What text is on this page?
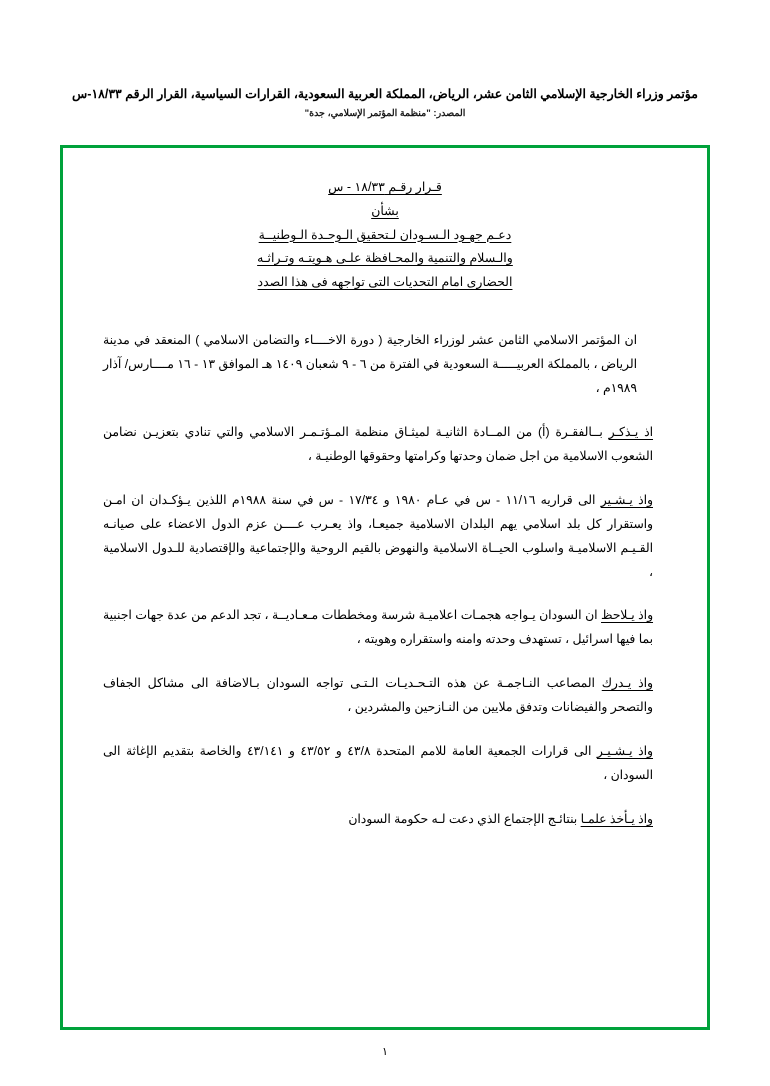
مؤتمر وزراء الخارجية الإسلامي الثامن عشر، الرياض، المملكة العربية السعودية، القرارات السياسية، القرار الرقم ١٨/٣٣-س
المصدر: "منظمة المؤتمر الإسلامي، جدة"
قـرار رقـم ١٨/٣٣ - س
بشأن
دعـم جهـود الـسـودان لـتحقيق الـوحـدة الـوطنيــة
والـسلام والتنمية والمحـافظة علـى هـويتـه وتـراثـه
الحضارى امام التحديات التى تواجهه فى هذا الصدد
ان المؤتمر الاسلامي الثامن عشر لوزراء الخارجية ( دورة الاخــــاء والتضامن الاسلامي ) المنعقد في مدينة الرياض ، بالمملكة العربيـــــة السعودية في الفترة من ٦ - ٩ شعبان ١٤٠٩ هـ الموافق ١٣ - ١٦ مــــارس/ آذار ١٩٨٩م ،
اذ يـذكـر بــالفقـرة (أ) من المــادة الثانيـة لميثـاق منظمة المـؤتـمـر الاسلامي والتي تنادي بتعزيـن نضامن الشعوب الاسلامية من اجل ضمان وحدتها وكرامتها وحقوقها الوطنيـة ،
واذ يـشـير الى قراريه ١١/١٦ - س في عـام ١٩٨٠ و ١٧/٣٤ - س في سنة ١٩٨٨م اللذين يـؤكـدان ان امـن واستقرار كل بلد اسلامي يهم البلدان الاسلامية جميعـا، واذ يعـرب عــــن عزم الدول الاعضاء على صيانـه القـيـم الاسلاميـة واسلوب الحيــاة الاسلامية والنهوض بالقيم الروحية والإجتماعية والإقتصادية للـدول الاسلامية ،
واذ يـلاحظ ان السودان يـواجه هجمـات اعلاميـة شرسة ومخططات مـعـاديــة ، تجد الدعم من عدة جهات اجنبية بما فيها اسرائيل ، تستهدف وحدته وامنه واستقراره وهويته ،
واذ يـدرك المصاعب النـاجمـة عن هذه التـحـديـات الـتـى تواجه السودان بـالاضافة الى مشاكل الجفاف والتصحر والفيضانات وتدفق ملايين من النـازحين والمشردين ،
واذ يـشـيـر الى قرارات الجمعية العامة للامم المتحدة ٤٣/٨ و ٤٣/٥٢ و ٤٣/١٤١ والخاصة بتقديم الإغاثة الى السودان ،
واذ يـأخذ علمـا بنتائـج الإجتماع الذي دعت لـه حكومة السودان
١
